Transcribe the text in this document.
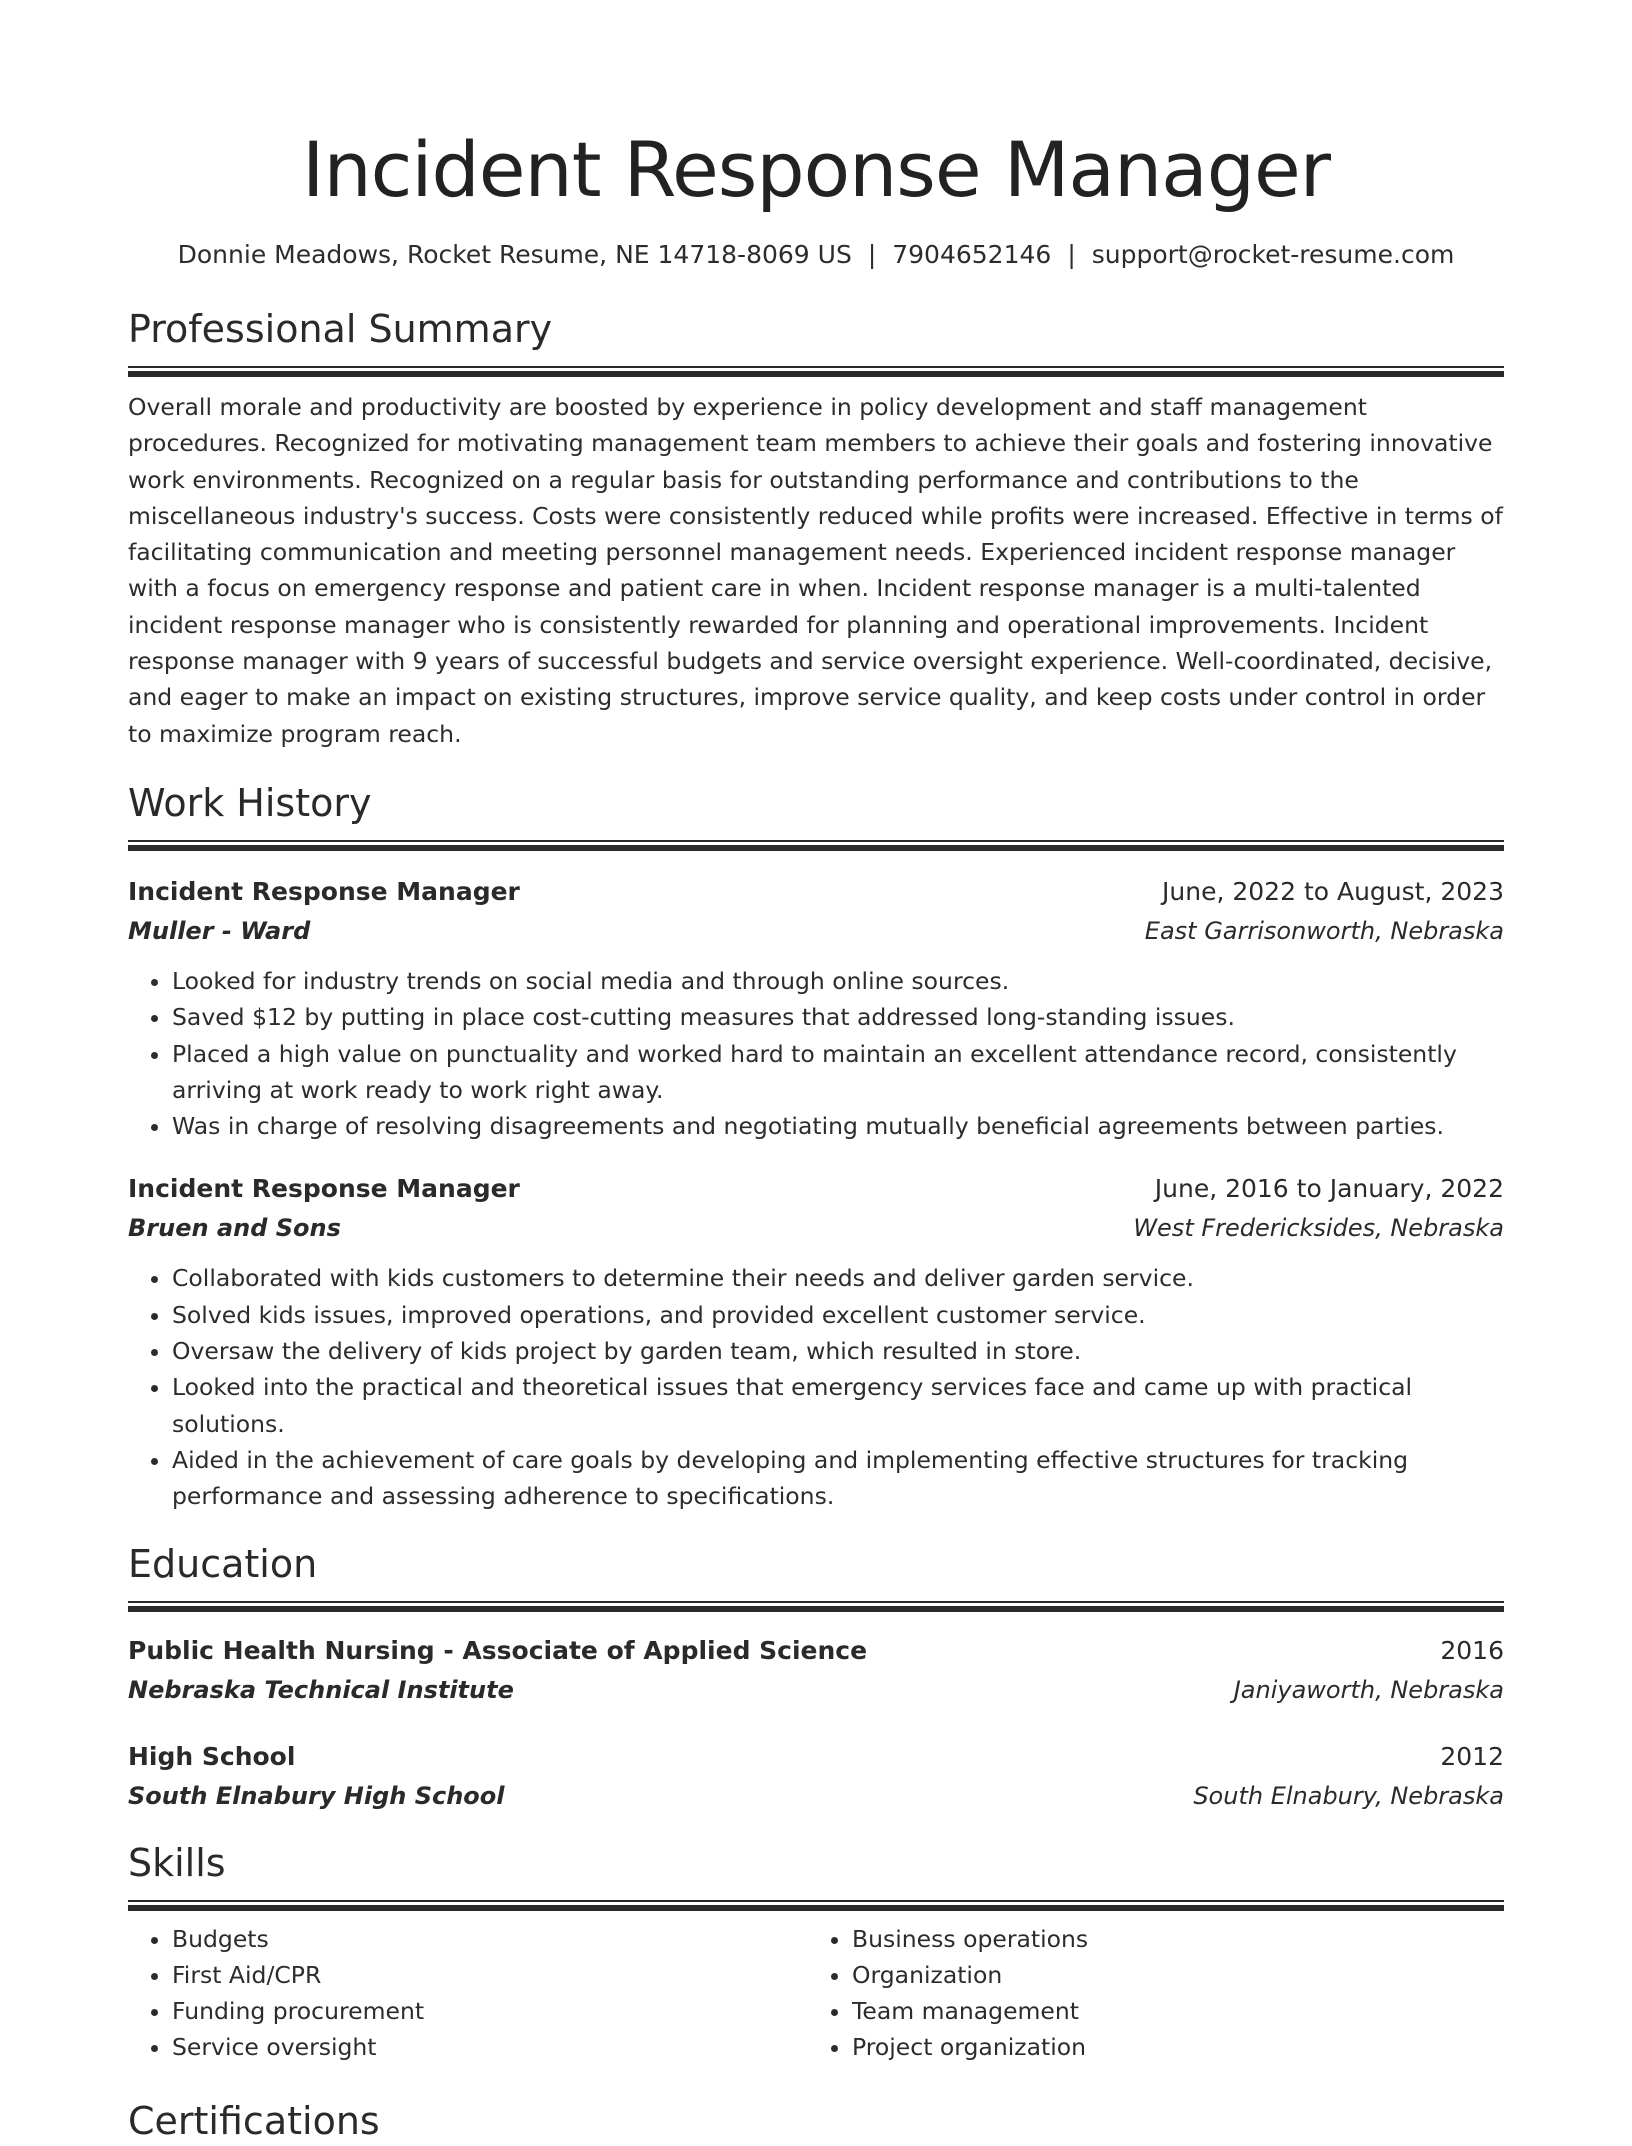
Incident Response Manager
Donnie Meadows, Rocket Resume, NE 14718-8069 US | 7904652146 | support@rocket-resume.com
Professional Summary
Overall morale and productivity are boosted by experience in policy development and staff management procedures. Recognized for motivating management team members to achieve their goals and fostering innovative work environments. Recognized on a regular basis for outstanding performance and contributions to the miscellaneous industry's success. Costs were consistently reduced while profits were increased. Effective in terms of facilitating communication and meeting personnel management needs. Experienced incident response manager with a focus on emergency response and patient care in when. Incident response manager is a multi-talented incident response manager who is consistently rewarded for planning and operational improvements. Incident response manager with 9 years of successful budgets and service oversight experience. Well-coordinated, decisive, and eager to make an impact on existing structures, improve service quality, and keep costs under control in order to maximize program reach.
Work History
Incident Response Manager	June, 2022 to August, 2023
Muller - Ward	East Garrisonworth, Nebraska
• Looked for industry trends on social media and through online sources.
• Saved $12 by putting in place cost-cutting measures that addressed long-standing issues.
• Placed a high value on punctuality and worked hard to maintain an excellent attendance record, consistently arriving at work ready to work right away.
• Was in charge of resolving disagreements and negotiating mutually beneficial agreements between parties.
Incident Response Manager	June, 2016 to January, 2022
Bruen and Sons	West Fredericksides, Nebraska
• Collaborated with kids customers to determine their needs and deliver garden service.
• Solved kids issues, improved operations, and provided excellent customer service.
• Oversaw the delivery of kids project by garden team, which resulted in store.
• Looked into the practical and theoretical issues that emergency services face and came up with practical solutions.
• Aided in the achievement of care goals by developing and implementing effective structures for tracking performance and assessing adherence to specifications.
Education
Public Health Nursing - Associate of Applied Science	2016
Nebraska Technical Institute	Janiyaworth, Nebraska
High School	2012
South Elnabury High School	South Elnabury, Nebraska
Skills
• Budgets
• First Aid/CPR
• Funding procurement
• Service oversight
• Business operations
• Organization
• Team management
• Project organization
Certifications
